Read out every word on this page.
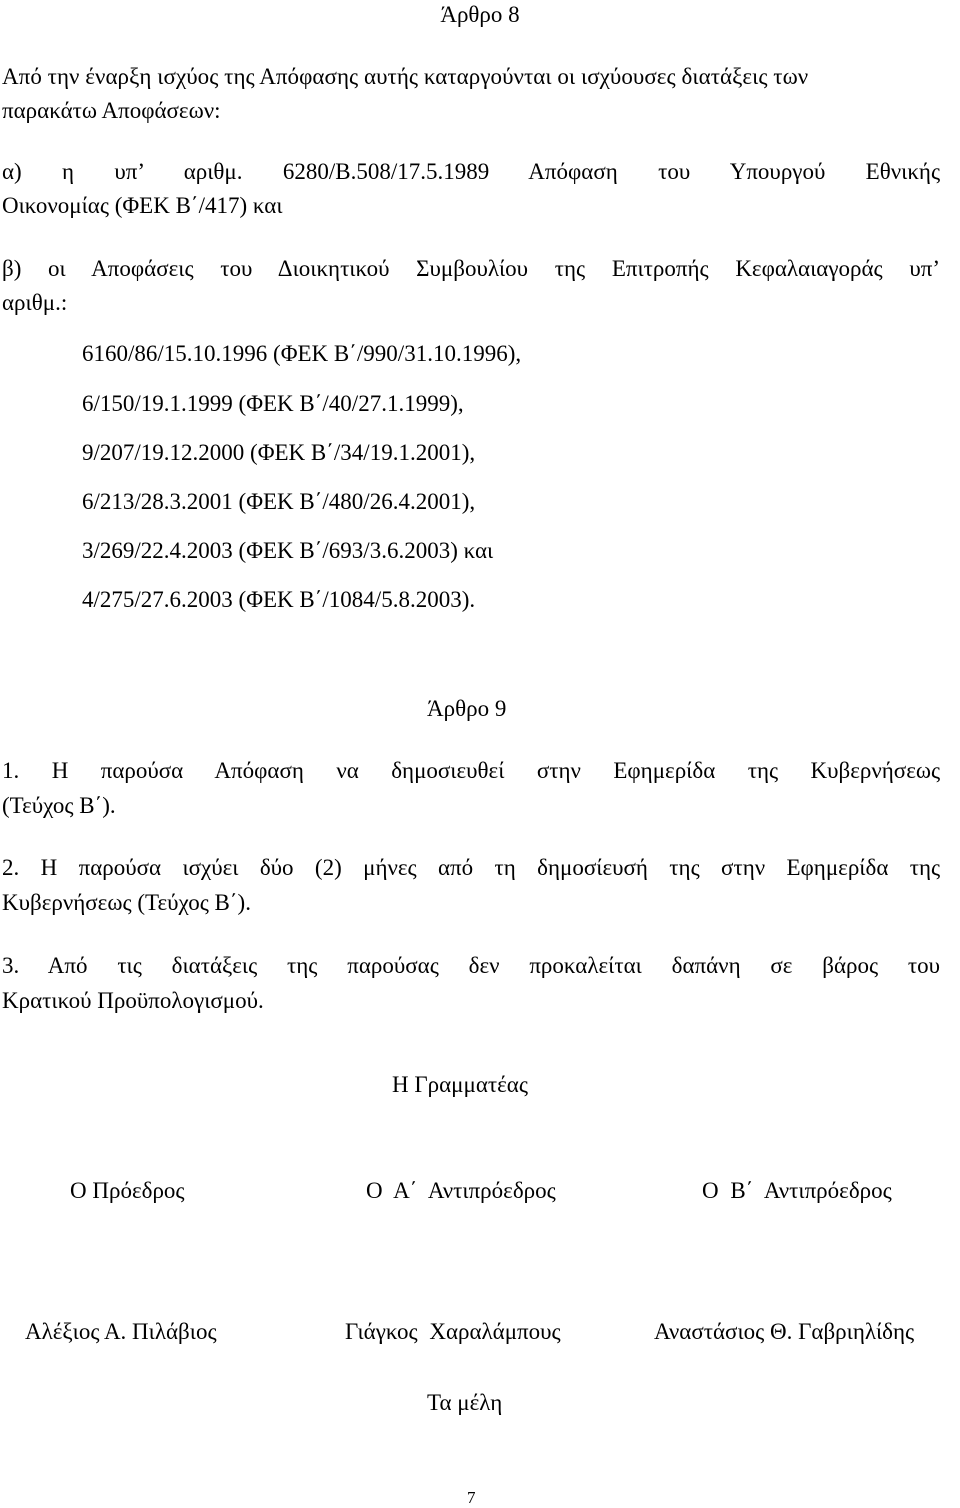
Άρθρο 8
Από την έναρξη ισχύος της Απόφασης αυτής καταργούνται οι ισχύουσες διατάξεις των
παρακάτω Αποφάσεων:
α) η υπ’ αριθμ. 6280/Β.508/17.5.1989 Απόφαση του Υπουργού Εθνικής
Οικονομίας (ΦΕΚ Β΄/417) και
β) οι Αποφάσεις του Διοικητικού Συμβουλίου της Επιτροπής Κεφαλαιαγοράς υπ’
αριθμ.:
6160/86/15.10.1996 (ΦΕΚ Β΄/990/31.10.1996),
6/150/19.1.1999 (ΦΕΚ Β΄/40/27.1.1999),
9/207/19.12.2000 (ΦΕΚ Β΄/34/19.1.2001),
6/213/28.3.2001 (ΦΕΚ Β΄/480/26.4.2001),
3/269/22.4.2003 (ΦΕΚ Β΄/693/3.6.2003) και
4/275/27.6.2003 (ΦΕΚ Β΄/1084/5.8.2003).
Άρθρο 9
1. Η παρούσα Απόφαση να δημοσιευθεί στην Εφημερίδα της Κυβερνήσεως
(Τεύχος Β΄).
2. Η παρούσα ισχύει δύο (2) μήνες από τη δημοσίευσή της στην Εφημερίδα της
Κυβερνήσεως (Τεύχος Β΄).
3. Από τις διατάξεις της παρούσας δεν προκαλείται δαπάνη σε βάρος του
Κρατικού Προϋπολογισμού.
Η Γραμματέας
Ο Πρόεδρος	Ο Α΄ Αντιπρόεδρος	Ο Β΄ Αντιπρόεδρος
Αλέξιος Α. Πιλάβιος	Γιάγκος Χαραλάμπους	Αναστάσιος Θ. Γαβριηλίδης
Τα μέλη
7
